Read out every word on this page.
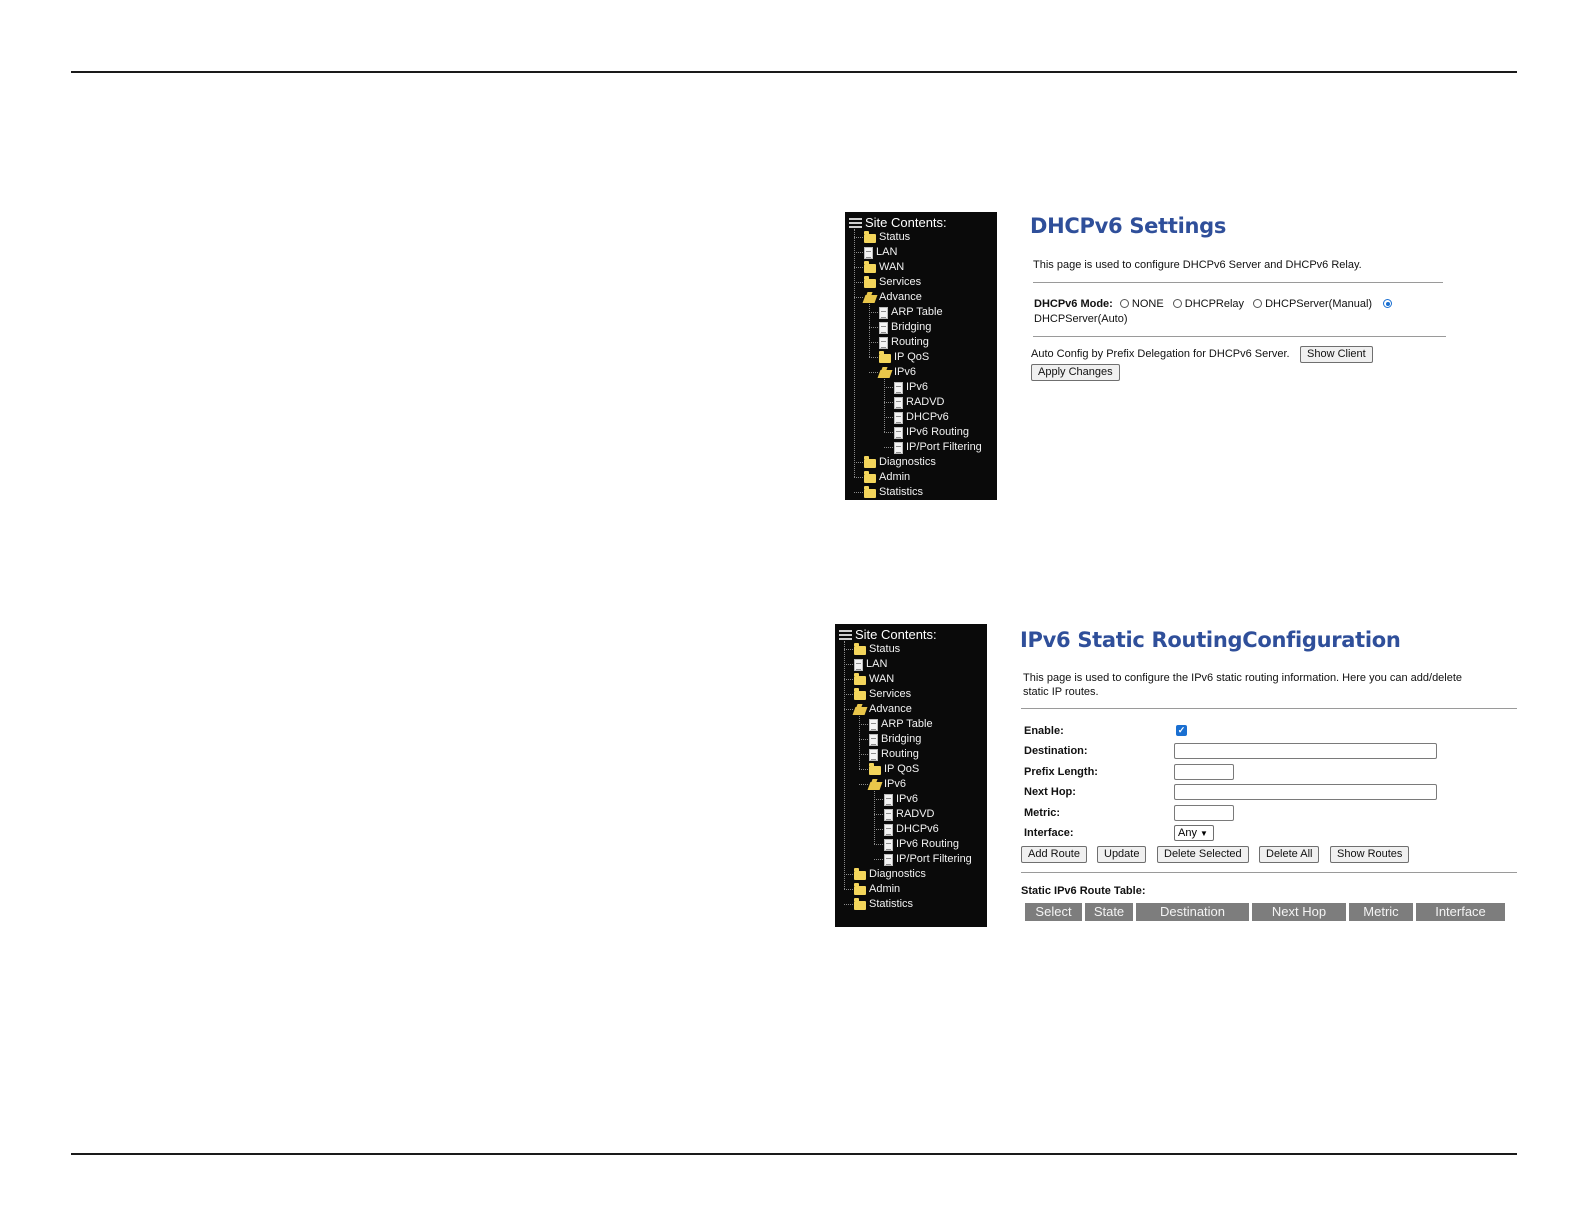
Site Contents:
Status
LAN
WAN
Services
Advance
ARP Table
Bridging
Routing
IP QoS
IPv6
IPv6
RADVD
DHCPv6
IPv6 Routing
IP/Port Filtering
Diagnostics
Admin
Statistics
DHCPv6 Settings
This page is used to configure DHCPv6 Server and DHCPv6 Relay.
DHCPv6 Mode: NONE DHCPRelay DHCPServer(Manual)
DHCPServer(Auto)
Auto Config by Prefix Delegation for DHCPv6 Server.	Show Client
Apply Changes
Site Contents:
Status
LAN
WAN
Services
Advance
ARP Table
Bridging
Routing
IP QoS
IPv6
IPv6
RADVD
DHCPv6
IPv6 Routing
IP/Port Filtering
Diagnostics
Admin
Statistics
IPv6 Static RoutingConfiguration
This page is used to configure the IPv6 static routing information. Here you can add/delete
static IP routes.
Enable:	✓
Destination:
Prefix Length:
Next Hop:
Metric:
Interface:	Any ▼
Add Route	Update	Delete Selected	Delete All	Show Routes
Static IPv6 Route Table:
Select	State	Destination	Next Hop	Metric	Interface
